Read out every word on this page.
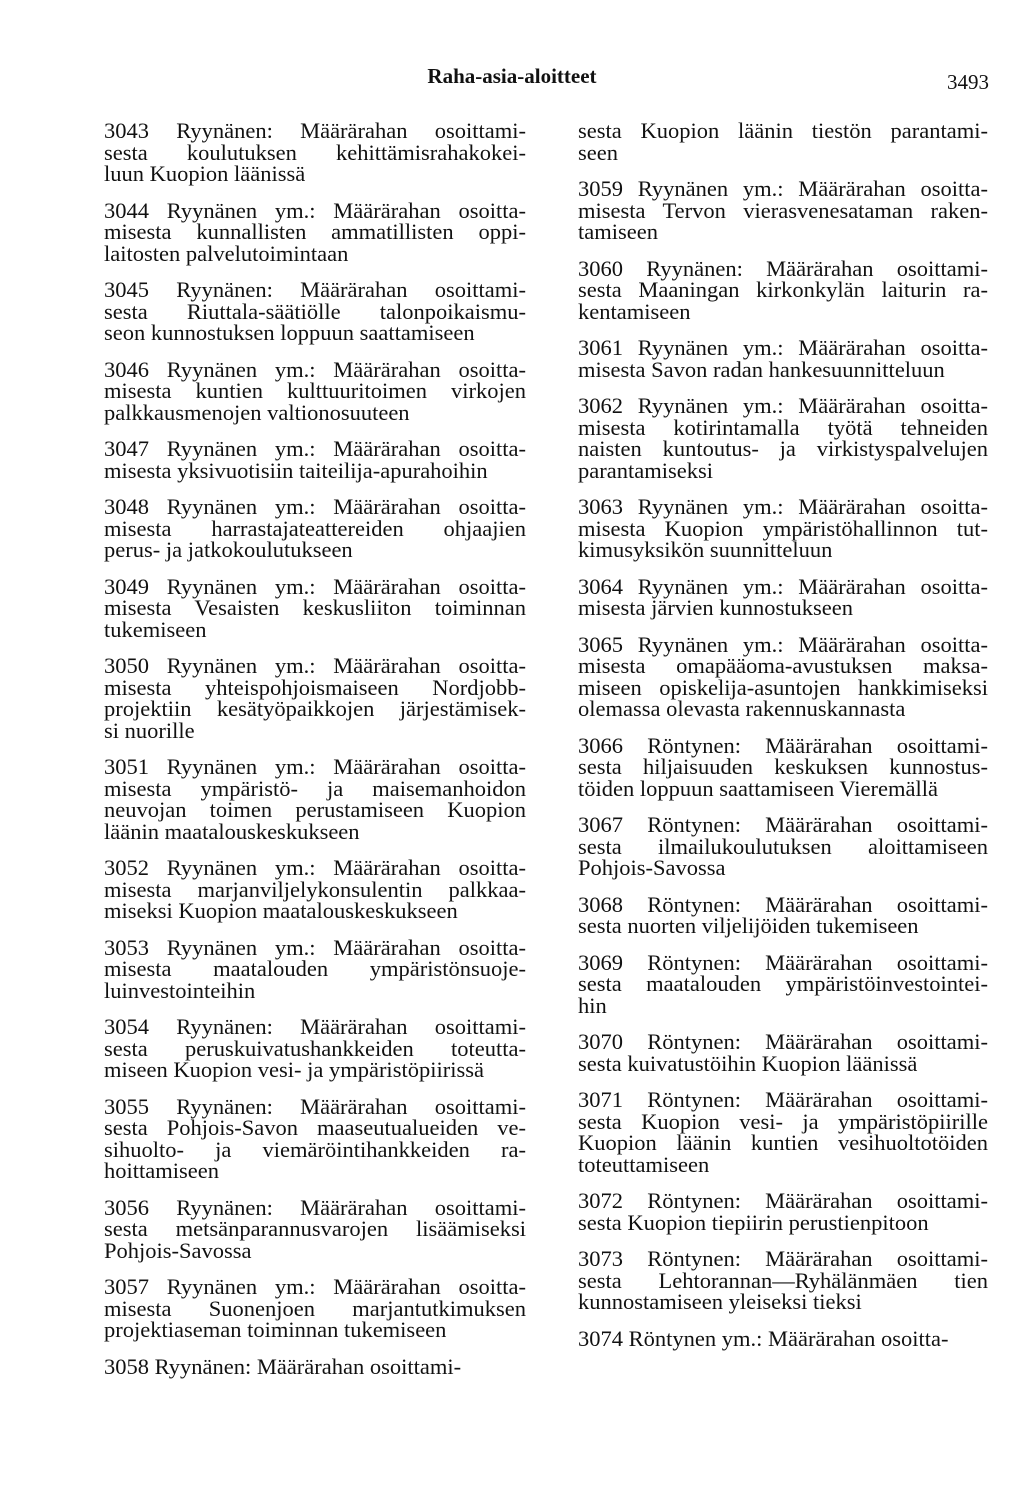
Raha-asia-aloitteet	3493
3043 Ryynänen: Määrärahan osoittami-
sesta koulutuksen kehittämisrahakokei-
luun Kuopion läänissä
3044 Ryynänen ym.: Määrärahan osoitta-
misesta kunnallisten ammatillisten oppi-
laitosten palvelutoimintaan
3045 Ryynänen: Määrärahan osoittami-
sesta Riuttala-säätiölle talonpoikaismu-
seon kunnostuksen loppuun saattamiseen
3046 Ryynänen ym.: Määrärahan osoitta-
misesta kuntien kulttuuritoimen virkojen
palkkausmenojen valtionosuuteen
3047 Ryynänen ym.: Määrärahan osoitta-
misesta yksivuotisiin taiteilija-apurahoihin
3048 Ryynänen ym.: Määrärahan osoitta-
misesta harrastajateattereiden ohjaajien
perus- ja jatkokoulutukseen
3049 Ryynänen ym.: Määrärahan osoitta-
misesta Vesaisten keskusliiton toiminnan
tukemiseen
3050 Ryynänen ym.: Määrärahan osoitta-
misesta yhteispohjoismaiseen Nordjobb-
projektiin kesätyöpaikkojen järjestämisek-
si nuorille
3051 Ryynänen ym.: Määrärahan osoitta-
misesta ympäristö- ja maisemanhoidon
neuvojan toimen perustamiseen Kuopion
läänin maatalouskeskukseen
3052 Ryynänen ym.: Määrärahan osoitta-
misesta marjanviljelykonsulentin palkkaa-
miseksi Kuopion maatalouskeskukseen
3053 Ryynänen ym.: Määrärahan osoitta-
misesta maatalouden ympäristönsuoje-
luinvestointeihin
3054 Ryynänen: Määrärahan osoittami-
sesta peruskuivatushankkeiden toteutta-
miseen Kuopion vesi- ja ympäristöpiirissä
3055 Ryynänen: Määrärahan osoittami-
sesta Pohjois-Savon maaseutualueiden ve-
sihuolto- ja viemäröintihankkeiden ra-
hoittamiseen
3056 Ryynänen: Määrärahan osoittami-
sesta metsänparannusvarojen lisäämiseksi
Pohjois-Savossa
3057 Ryynänen ym.: Määrärahan osoitta-
misesta Suonenjoen marjantutkimuksen
projektiaseman toiminnan tukemiseen
3058 Ryynänen: Määrärahan osoittami-
sesta Kuopion läänin tiestön parantami-
seen
3059 Ryynänen ym.: Määrärahan osoitta-
misesta Tervon vierasvenesataman raken-
tamiseen
3060 Ryynänen: Määrärahan osoittami-
sesta Maaningan kirkonkylän laiturin ra-
kentamiseen
3061 Ryynänen ym.: Määrärahan osoitta-
misesta Savon radan hankesuunnitteluun
3062 Ryynänen ym.: Määrärahan osoitta-
misesta kotirintamalla työtä tehneiden
naisten kuntoutus- ja virkistyspalvelujen
parantamiseksi
3063 Ryynänen ym.: Määrärahan osoitta-
misesta Kuopion ympäristöhallinnon tut-
kimusyksikön suunnitteluun
3064 Ryynänen ym.: Määrärahan osoitta-
misesta järvien kunnostukseen
3065 Ryynänen ym.: Määrärahan osoitta-
misesta omapääoma-avustuksen maksa-
miseen opiskelija-asuntojen hankkimiseksi
olemassa olevasta rakennuskannasta
3066 Röntynen: Määrärahan osoittami-
sesta hiljaisuuden keskuksen kunnostus-
töiden loppuun saattamiseen Vieremällä
3067 Röntynen: Määrärahan osoittami-
sesta ilmailukoulutuksen aloittamiseen
Pohjois-Savossa
3068 Röntynen: Määrärahan osoittami-
sesta nuorten viljelijöiden tukemiseen
3069 Röntynen: Määrärahan osoittami-
sesta maatalouden ympäristöinvestointei-
hin
3070 Röntynen: Määrärahan osoittami-
sesta kuivatustöihin Kuopion läänissä
3071 Röntynen: Määrärahan osoittami-
sesta Kuopion vesi- ja ympäristöpiirille
Kuopion läänin kuntien vesihuoltotöiden
toteuttamiseen
3072 Röntynen: Määrärahan osoittami-
sesta Kuopion tiepiirin perustienpitoon
3073 Röntynen: Määrärahan osoittami-
sesta Lehtorannan—Ryhälänmäen tien
kunnostamiseen yleiseksi tieksi
3074 Röntynen ym.: Määrärahan osoitta-
